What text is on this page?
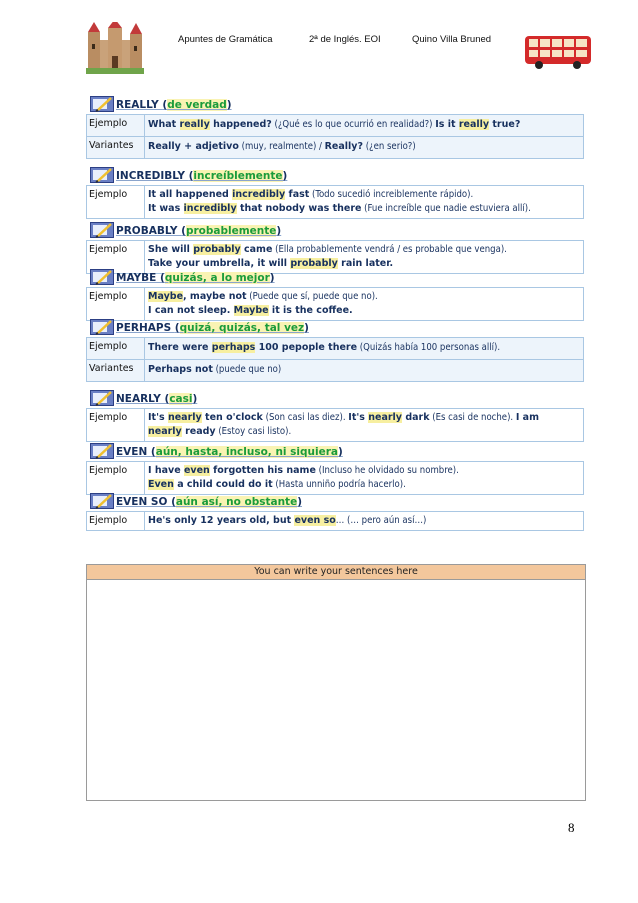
Apuntes de Gramática	2ª de Inglés. EOI	Quino Villa Bruned
REALLY (de verdad)
Ejemplo	What really happened? (¿Qué es lo que ocurrió en realidad?) Is it really true?
Variantes	Really + adjetivo (muy, realmente) / Really? (¿en serio?)
INCREDIBLY (increíblemente)
Ejemplo	It all happened incredibly fast (Todo sucedió increiblemente rápido).
It was incredibly that nobody was there (Fue increíble que nadie estuviera allí).
PROBABLY (probablemente)
Ejemplo	She will probably came (Ella probablemente vendrá / es probable que venga).
Take your umbrella, it will probably rain later.
MAYBE (quizás, a lo mejor)
Ejemplo	Maybe, maybe not (Puede que sí, puede que no).
I can not sleep. Maybe it is the coffee.
PERHAPS (quizá, quizás, tal vez)
Ejemplo	There were perhaps 100 pepople there (Quizás había 100 personas allí).
Variantes	Perhaps not (puede que no)
NEARLY (casi)
Ejemplo	It's nearly ten o'clock (Son casi las diez). It's nearly dark (Es casi de noche). I am
nearly ready (Estoy casi listo).
EVEN (aún, hasta, incluso, ni siquiera)
Ejemplo	I have even forgotten his name (Incluso he olvidado su nombre).
Even a child could do it (Hasta unniño podría hacerlo).
EVEN SO (aún así, no obstante)
Ejemplo	He's only 12 years old, but even so… (… pero aún así…)
You can write your sentences here
8
